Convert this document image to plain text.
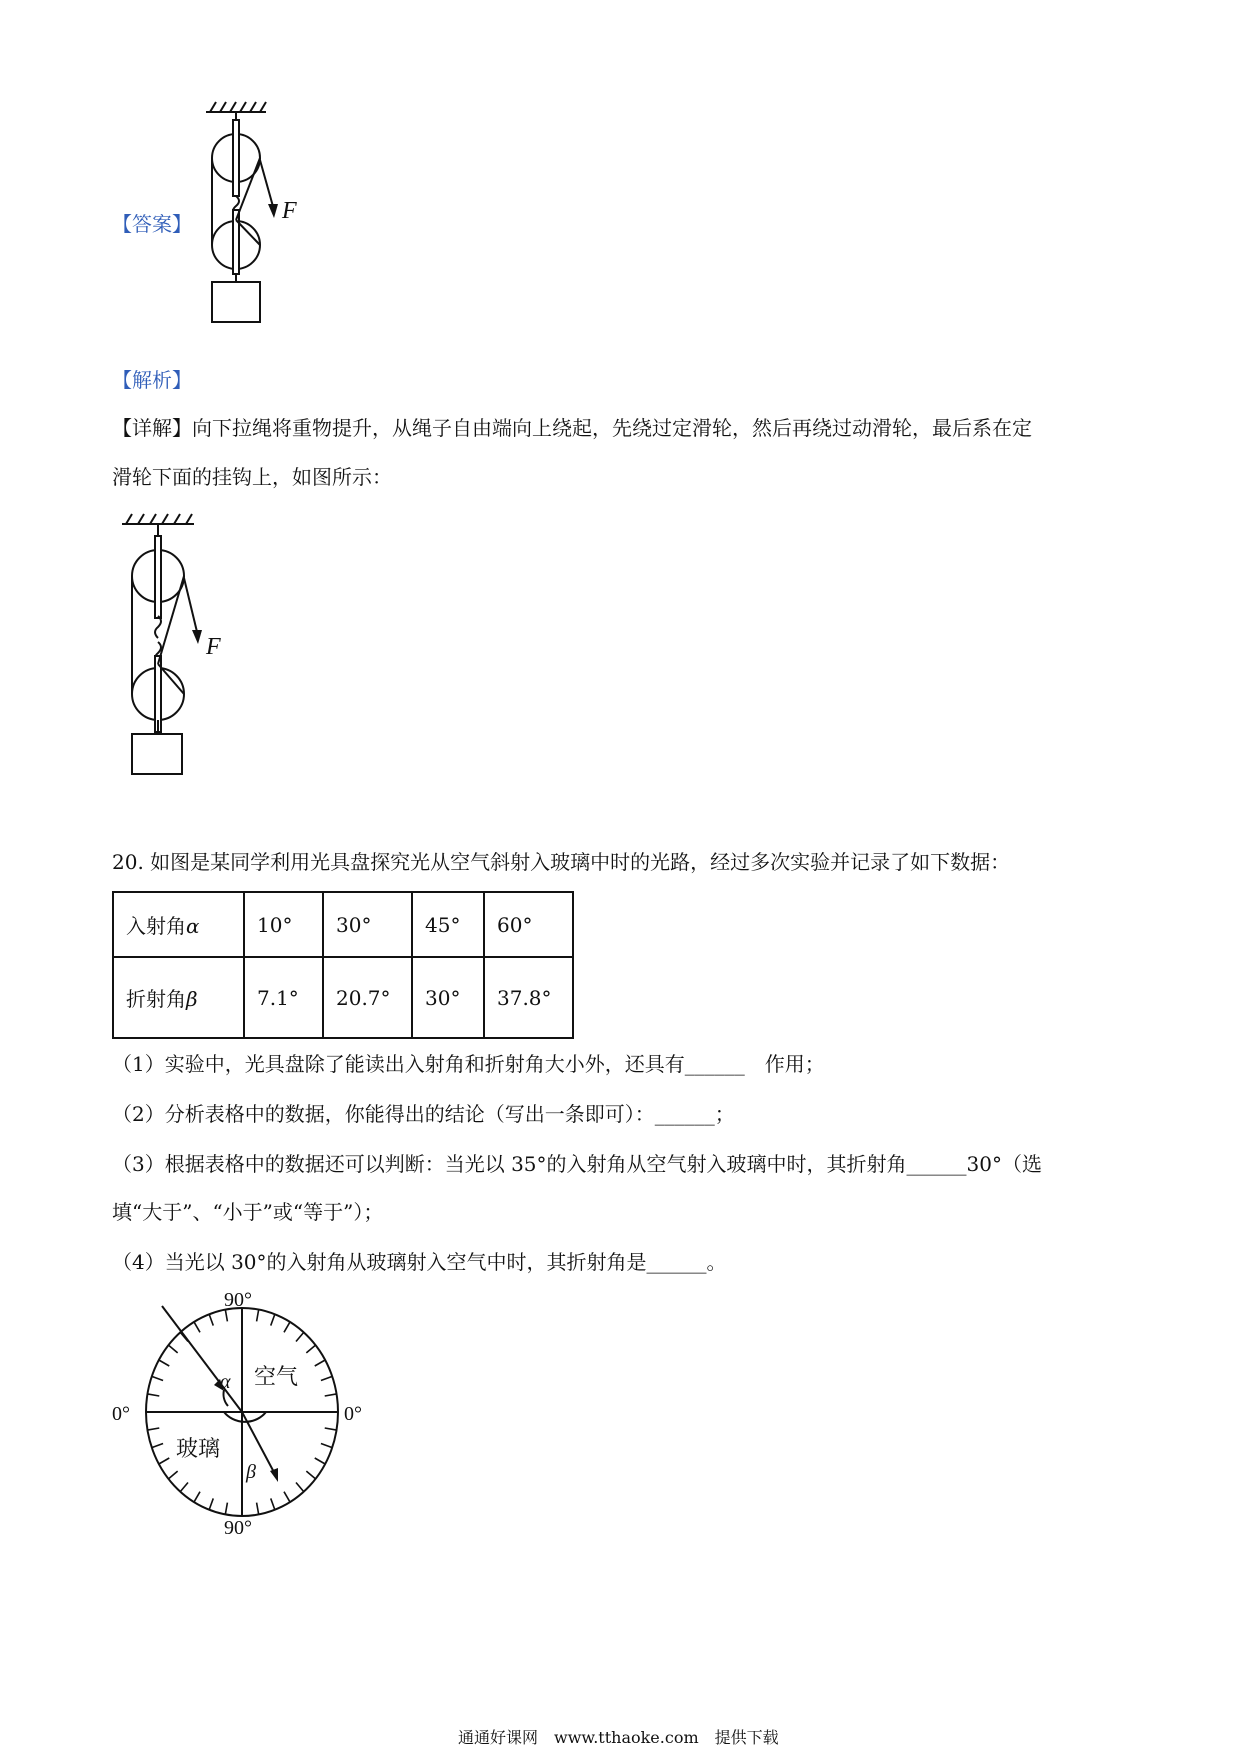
【答案】	F
【解析】
【详解】向下拉绳将重物提升，从绳子自由端向上绕起，先绕过定滑轮，然后再绕过动滑轮，最后系在定
滑轮下面的挂钩上，如图所示：
F
20. 如图是某同学利用光具盘探究光从空气斜射入玻璃中时的光路，经过多次实验并记录了如下数据：
入射角α	10°	30°	45°	60°
折射角β	7.1°	20.7°	30°	37.8°
（1）实验中，光具盘除了能读出入射角和折射角大小外，还具有______　作用；
（2）分析表格中的数据，你能得出的结论（写出一条即可）：______；
（3）根据表格中的数据还可以判断：当光以 35°的入射角从空气射入玻璃中时，其折射角______30°（选
填“大于”、“小于”或“等于”）；
（4）当光以 30°的入射角从玻璃射入空气中时，其折射角是______。
90°
90°
0°	0°
空气
玻璃
α
β
通通好课网　www.tthaoke.com　提供下载
